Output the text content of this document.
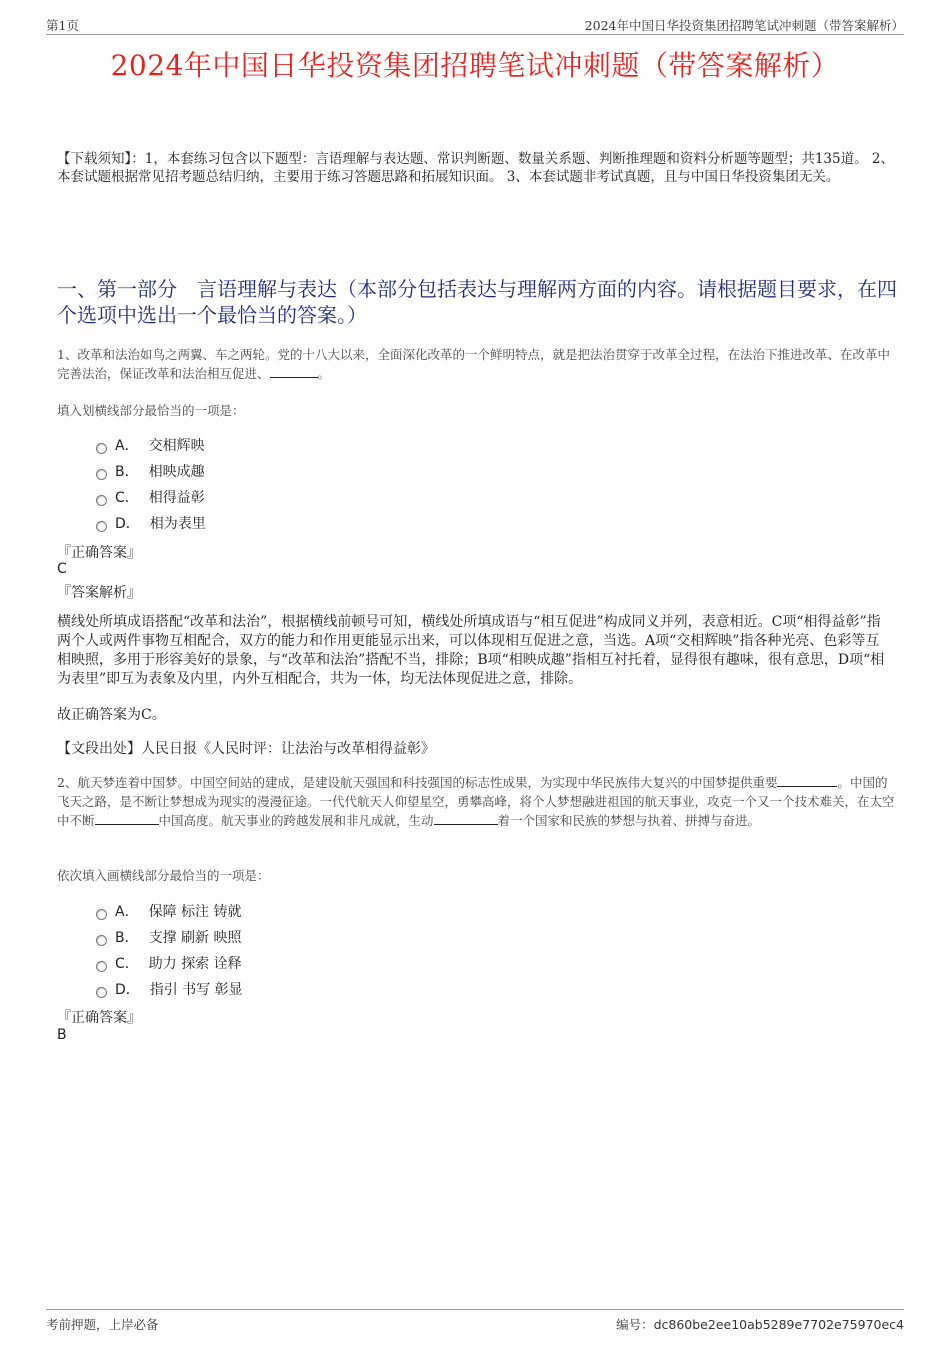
第1页	2024年中国日华投资集团招聘笔试冲刺题（带答案解析）
2024年中国日华投资集团招聘笔试冲刺题（带答案解析）
【下载须知】：1，本套练习包含以下题型：言语理解与表达题、常识判断题、数量关系题、判断推理题和资料分析题等题型；共135道。 2、本套试题根据常见招考题总结归纳，主要用于练习答题思路和拓展知识面。 3、本套试题非考试真题，且与中国日华投资集团无关。
一、第一部分　言语理解与表达（本部分包括表达与理解两方面的内容。请根据题目要求，在四个选项中选出一个最恰当的答案。）
1、改革和法治如鸟之两翼、车之两轮。党的十八大以来，全面深化改革的一个鲜明特点，就是把法治贯穿于改革全过程，在法治下推进改革、在改革中完善法治，保证改革和法治相互促进、	。
填入划横线部分最恰当的一项是：
A． 交相辉映
B． 相映成趣
C． 相得益彰
D． 相为表里
『正确答案』
C
『答案解析』
横线处所填成语搭配“改革和法治”，根据横线前顿号可知，横线处所填成语与“相互促进”构成同义并列，表意相近。C项“相得益彰”指两个人或两件事物互相配合，双方的能力和作用更能显示出来，可以体现相互促进之意，当选。A项“交相辉映”指各种光亮、色彩等互相映照，多用于形容美好的景象，与“改革和法治”搭配不当，排除；B项“相映成趣”指相互衬托着，显得很有趣味，很有意思，D项“相为表里”即互为表象及内里，内外互相配合，共为一体，均无法体现促进之意，排除。
故正确答案为C。
【文段出处】人民日报《人民时评：让法治与改革相得益彰》
2、航天梦连着中国梦。中国空间站的建成，是建设航天强国和科技强国的标志性成果，为实现中华民族伟大复兴的中国梦提供重要	。中国的飞天之路，是不断让梦想成为现实的漫漫征途。一代代航天人仰望星空，勇攀高峰，将个人梦想融进祖国的航天事业，攻克一个又一个技术难关，在太空中不断	中国高度。航天事业的跨越发展和非凡成就，生动	着一个国家和民族的梦想与执着、拼搏与奋进。
依次填入画横线部分最恰当的一项是：
A． 保障 标注 铸就
B． 支撑 刷新 映照
C． 助力 探索 诠释
D． 指引 书写 彰显
『正确答案』
B
考前押题，上岸必备	编号：dc860be2ee10ab5289e7702e75970ec4
